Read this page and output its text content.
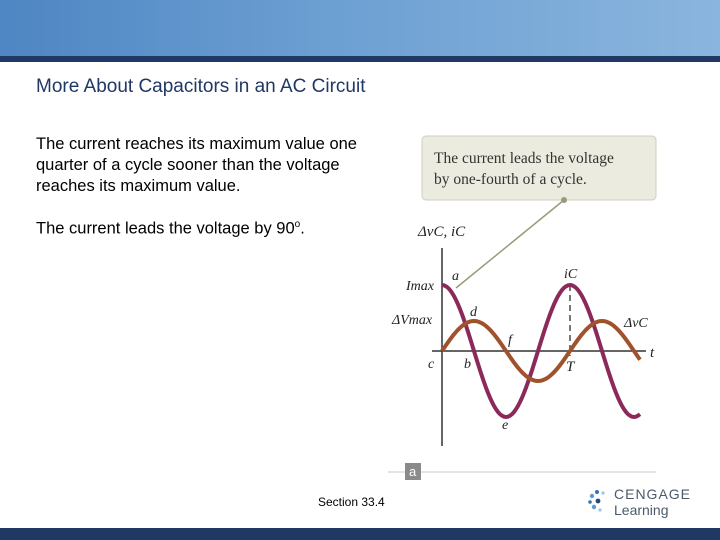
More About Capacitors in an AC Circuit
The current reaches its maximum value one quarter of a cycle sooner than the voltage reaches its maximum value.
The current leads the voltage by 90$^o$.
The current leads the voltage
by one-fourth of a cycle.
ΔvC, iC
Imax
ΔVmax
a
d
f
c b
e
iC
ΔvC
T
t
a
Section 33.4	CENGAGE
Learning
